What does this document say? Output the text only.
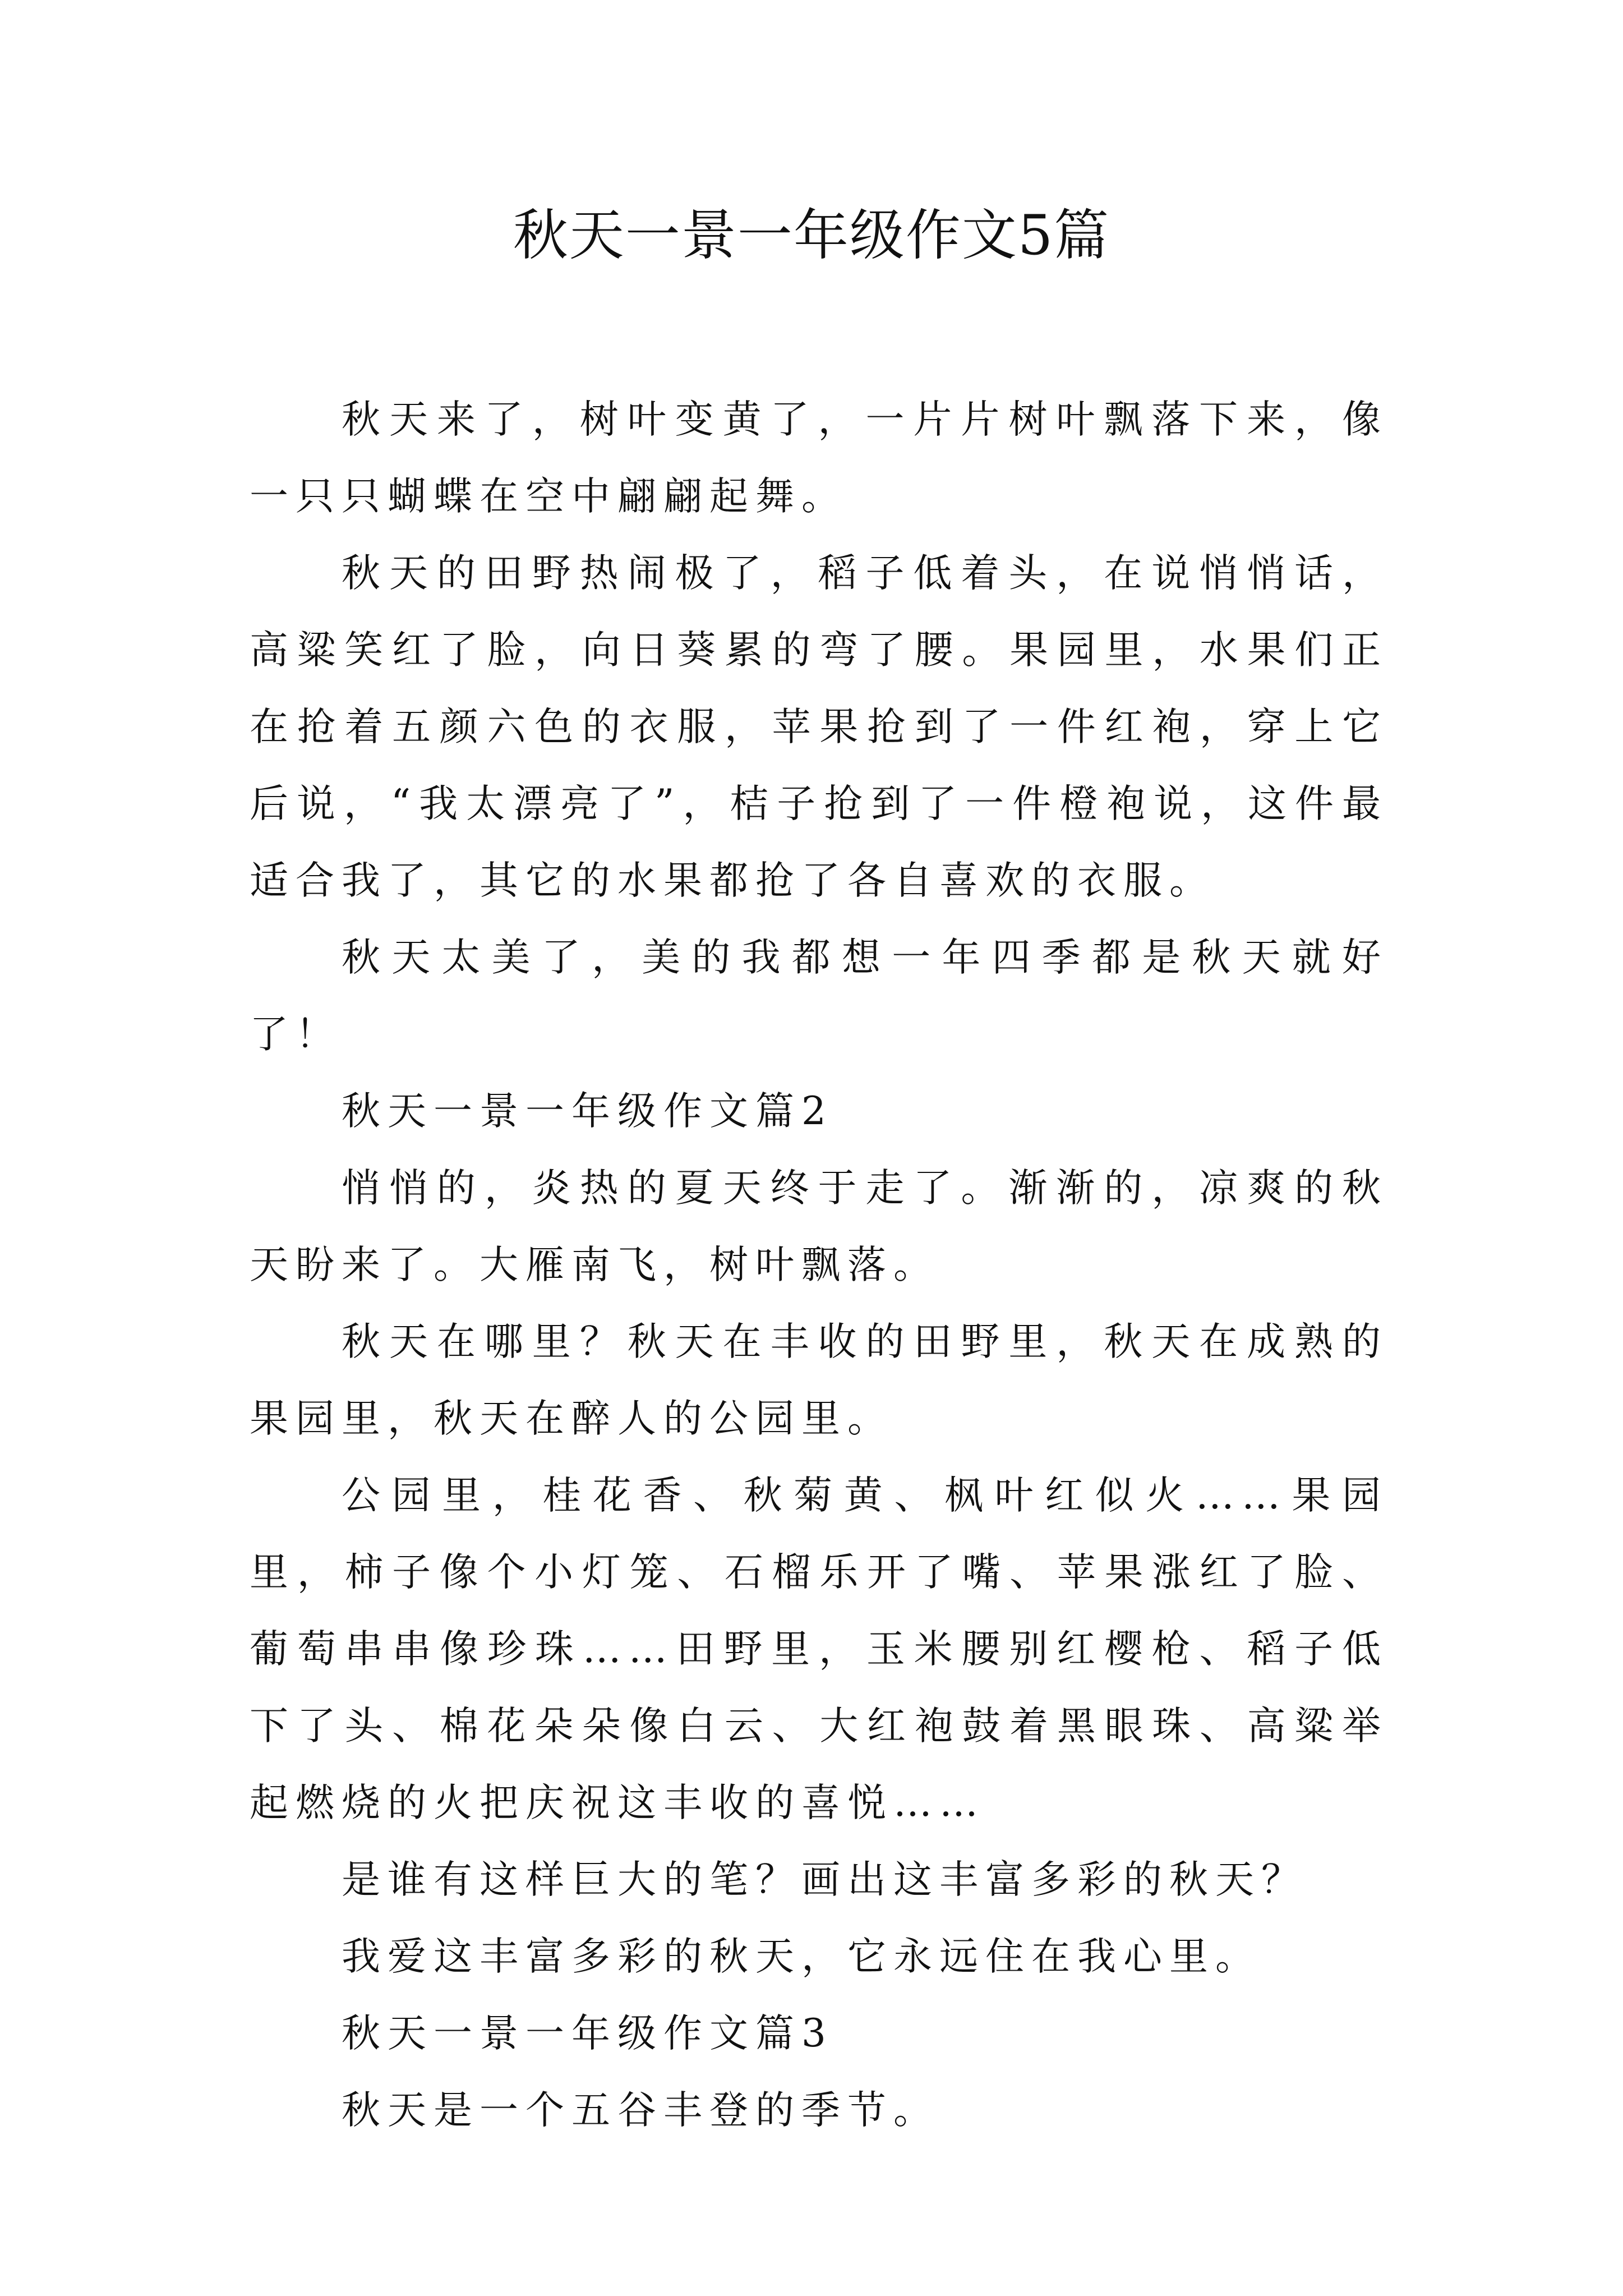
秋天一景一年级作文5篇

秋天来了，树叶变黄了，一片片树叶飘落下来，像一只只蝴蝶在空中翩翩起舞。

秋天的田野热闹极了，稻子低着头，在说悄悄话，高粱笑红了脸，向日葵累的弯了腰。果园里，水果们正在抢着五颜六色的衣服，苹果抢到了一件红袍，穿上它后说，“我太漂亮了”，桔子抢到了一件橙袍说，这件最适合我了，其它的水果都抢了各自喜欢的衣服。

秋天太美了，美的我都想一年四季都是秋天就好了！

秋天一景一年级作文篇2

悄悄的，炎热的夏天终于走了。渐渐的，凉爽的秋天盼来了。大雁南飞，树叶飘落。

秋天在哪里？秋天在丰收的田野里，秋天在成熟的果园里，秋天在醉人的公园里。

公园里，桂花香、秋菊黄、枫叶红似火……果园里，柿子像个小灯笼、石榴乐开了嘴、苹果涨红了脸、葡萄串串像珍珠……田野里，玉米腰别红樱枪、稻子低下了头、棉花朵朵像白云、大红袍鼓着黑眼珠、高粱举起燃烧的火把庆祝这丰收的喜悦……

是谁有这样巨大的笔？画出这丰富多彩的秋天？

我爱这丰富多彩的秋天，它永远住在我心里。

秋天一景一年级作文篇3

秋天是一个五谷丰登的季节。
